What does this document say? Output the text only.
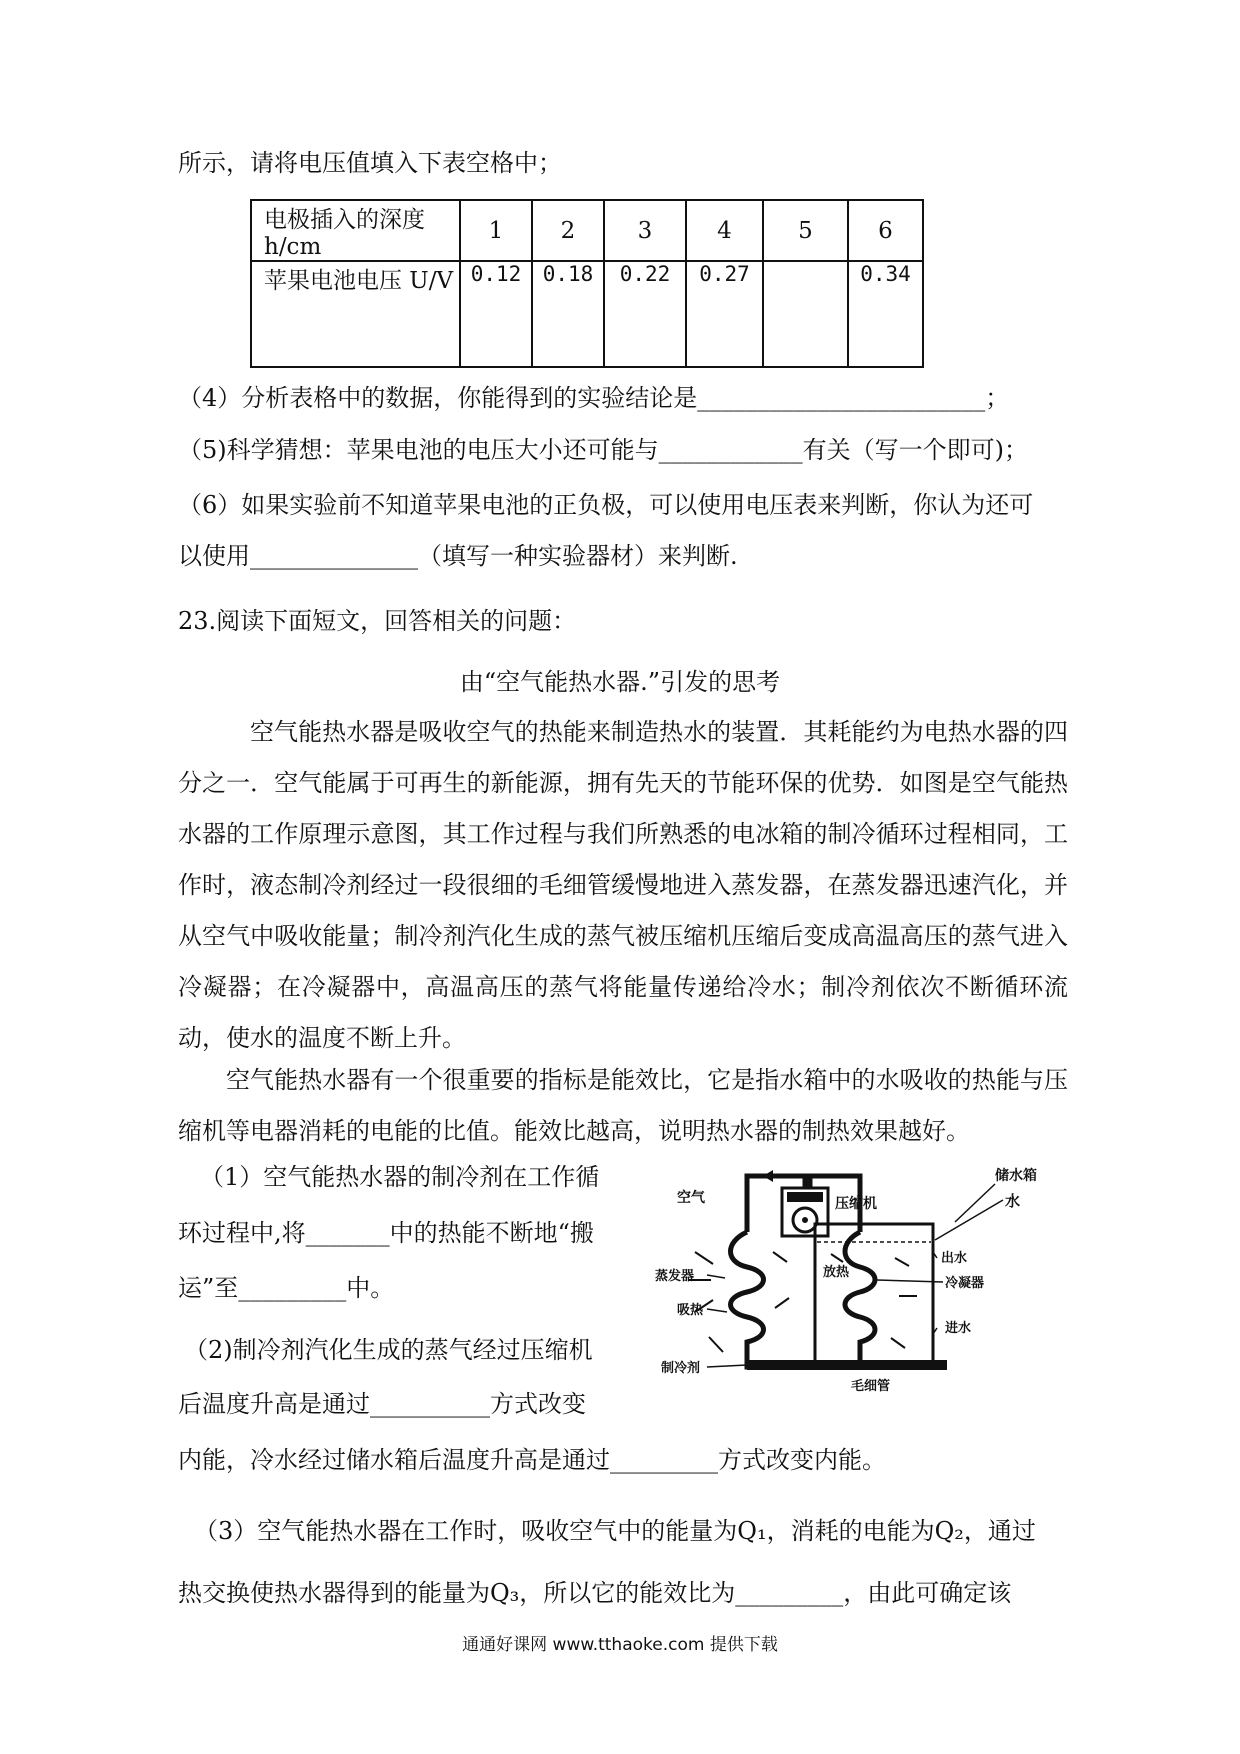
所示，请将电压值填入下表空格中；
电极插入的深度 h/cm	1	2	3	4	5	6
苹果电池电压 U/V	0.12	0.18	0.22	0.27		0.34
（4）分析表格中的数据，你能得到的实验结论是________________________；
（5)科学猜想：苹果电池的电压大小还可能与____________有关（写一个即可)；
（6）如果实验前不知道苹果电池的正负极，可以使用电压表来判断，你认为还可
以使用______________（填写一种实验器材）来判断.
23.阅读下面短文，回答相关的问题：
由“空气能热水器.”引发的思考
空气能热水器是吸收空气的热能来制造热水的装置．其耗能约为电热水器的四分之一．空气能属于可再生的新能源，拥有先天的节能环保的优势．如图是空气能热水器的工作原理示意图，其工作过程与我们所熟悉的电冰箱的制冷循环过程相同，工作时，液态制冷剂经过一段很细的毛细管缓慢地进入蒸发器，在蒸发器迅速汽化，并从空气中吸收能量；制冷剂汽化生成的蒸气被压缩机压缩后变成高温高压的蒸气进入冷凝器；在冷凝器中，高温高压的蒸气将能量传递给冷水；制冷剂依次不断循环流动，使水的温度不断上升。
空气能热水器有一个很重要的指标是能效比，它是指水箱中的水吸收的热能与压缩机等电器消耗的电能的比值。能效比越高，说明热水器的制热效果越好。
（1）空气能热水器的制冷剂在工作循
环过程中,将_______中的热能不断地“搬
运”至_________中。
（2)制冷剂汽化生成的蒸气经过压缩机
后温度升高是通过__________方式改变
内能，冷水经过储水箱后温度升高是通过_________方式改变内能。
（3）空气能热水器在工作时，吸收空气中的能量为Q₁，消耗的电能为Q₂，通过
热交换使热水器得到的能量为Q₃，所以它的能效比为_________，由此可确定该
空气	压缩机
储水箱
水
出水
蒸发器	放热
冷凝器
吸热
进水
制冷剂
毛细管
通通好课网 www.tthaoke.com 提供下载
